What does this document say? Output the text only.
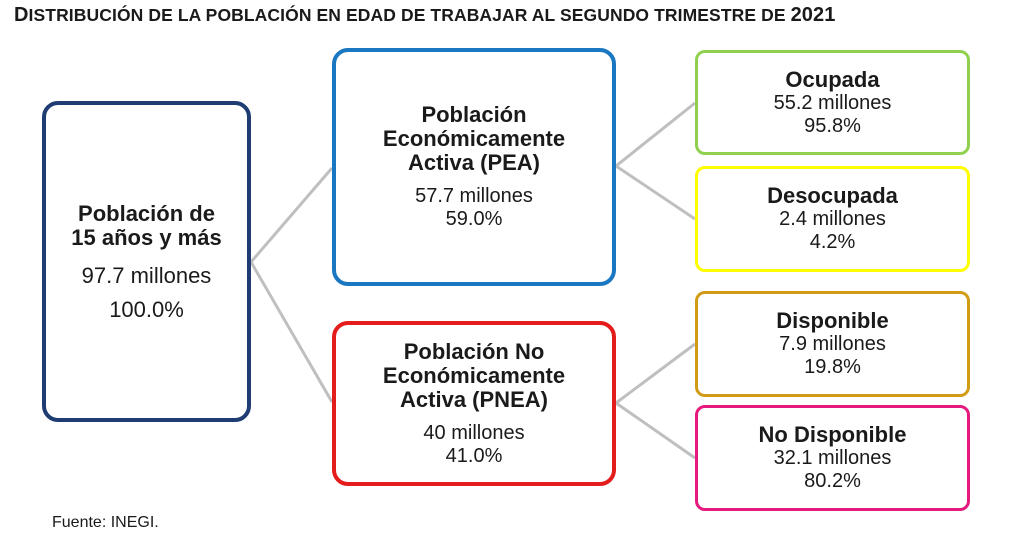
DISTRIBUCIÓN DE LA POBLACIÓN EN EDAD DE TRABAJAR AL SEGUNDO TRIMESTRE DE 2021
Población de
15 años y más
97.7 millones
100.0%
Población
Económicamente
Activa (PEA)
57.7 millones
59.0%
Población No
Económicamente
Activa (PNEA)
40 millones
41.0%
Ocupada
55.2 millones
95.8%
Desocupada
2.4 millones
4.2%
Disponible
7.9 millones
19.8%
No Disponible
32.1 millones
80.2%
Fuente: INEGI.
